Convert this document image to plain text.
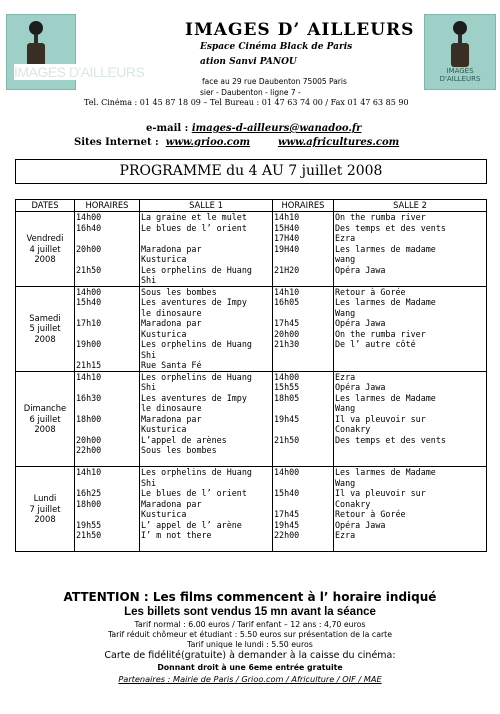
IMAGES D'AILLEURS	IMAGES D'AILLEURS
IMAGES D’ AILLEURS
Espace Cinéma Black de Paris
ation Sanvi PANOU
face au 29 rue Daubenton 75005 Paris
sier - Daubenton - ligne 7 -
Tel. Cinéma : 01 45 87 18 09 – Tel Bureau : 01 47 63 74 00 / Fax 01 47 63 85 90
e-mail : images-d-ailleurs@wanadoo.fr
Sites Internet : www.grioo.com	www.africultures.com
PROGRAMME du 4 AU 7 juillet 2008
DATES	HORAIRES	SALLE 1	HORAIRES	SALLE 2

Vendredi
4 juillet
2008	14h00	La graine et le mulet	14h10	On the rumba river
	16h40	Le blues de l’ orient	15H40	Des temps et des vents
			17H40	Ezra
	20h00	Maradona par	19H40	Les larmes de madame
		Kusturica		wang
	21h50	Les orphelins de Huang	21H20	Opéra Jawa
		Shi		

Samedi
5 juillet
2008	14h00	Sous les bombes	14h10	Retour à Gorée
	15h40	Les aventures de Impy	16h05	Les larmes de Madame
		le dinosaure		Wang
	17h10	Maradona par	17h45	Opéra Jawa
		Kusturica	20h00	On the rumba river
	19h00	Les orphelins de Huang	21h30	De l’ autre côté
		Shi		
	21h15	Rue Santa Fé		

Dimanche
6 juillet
2008	14h10	Les orphelins de Huang	14h00	Ezra
		Shi	15h55	Opéra Jawa
	16h30	Les aventures de Impy	18h05	Les larmes de Madame
		le dinosaure		Wang
	18h00	Maradona par	19h45	Il va pleuvoir sur
		Kusturica		Conakry
	20h00	L’appel de arènes	21h50	Des temps et des vents
	22h00	Sous les bombes		

Lundi
7 juillet
2008	14h10	Les orphelins de Huang	14h00	Les larmes de Madame
		Shi		Wang
	16h25	Le blues de l’ orient	15h40	Il va pleuvoir sur
	18h00	Maradona par		Conakry
		Kusturica	17h45	Retour à Gorée
	19h55	L’ appel de l’ arène	19h45	Opéra Jawa
	21h50	I’ m not there	22h00	Ezra

ATTENTION : Les films commencent à l’ horaire indiqué
Les billets sont vendus 15 mn avant la séance
Tarif normal : 6.00 euros / Tarif enfant – 12 ans : 4,70 euros
Tarif réduit chômeur et étudiant : 5.50 euros sur présentation de la carte
Tarif unique le lundi : 5.50 euros
Carte de fidélité(gratuite) à demander à la caisse du cinéma:
Donnant droit à une 6eme entrée gratuite
Partenaires : Mairie de Paris / Grioo.com / Africulture / OIF / MAE
